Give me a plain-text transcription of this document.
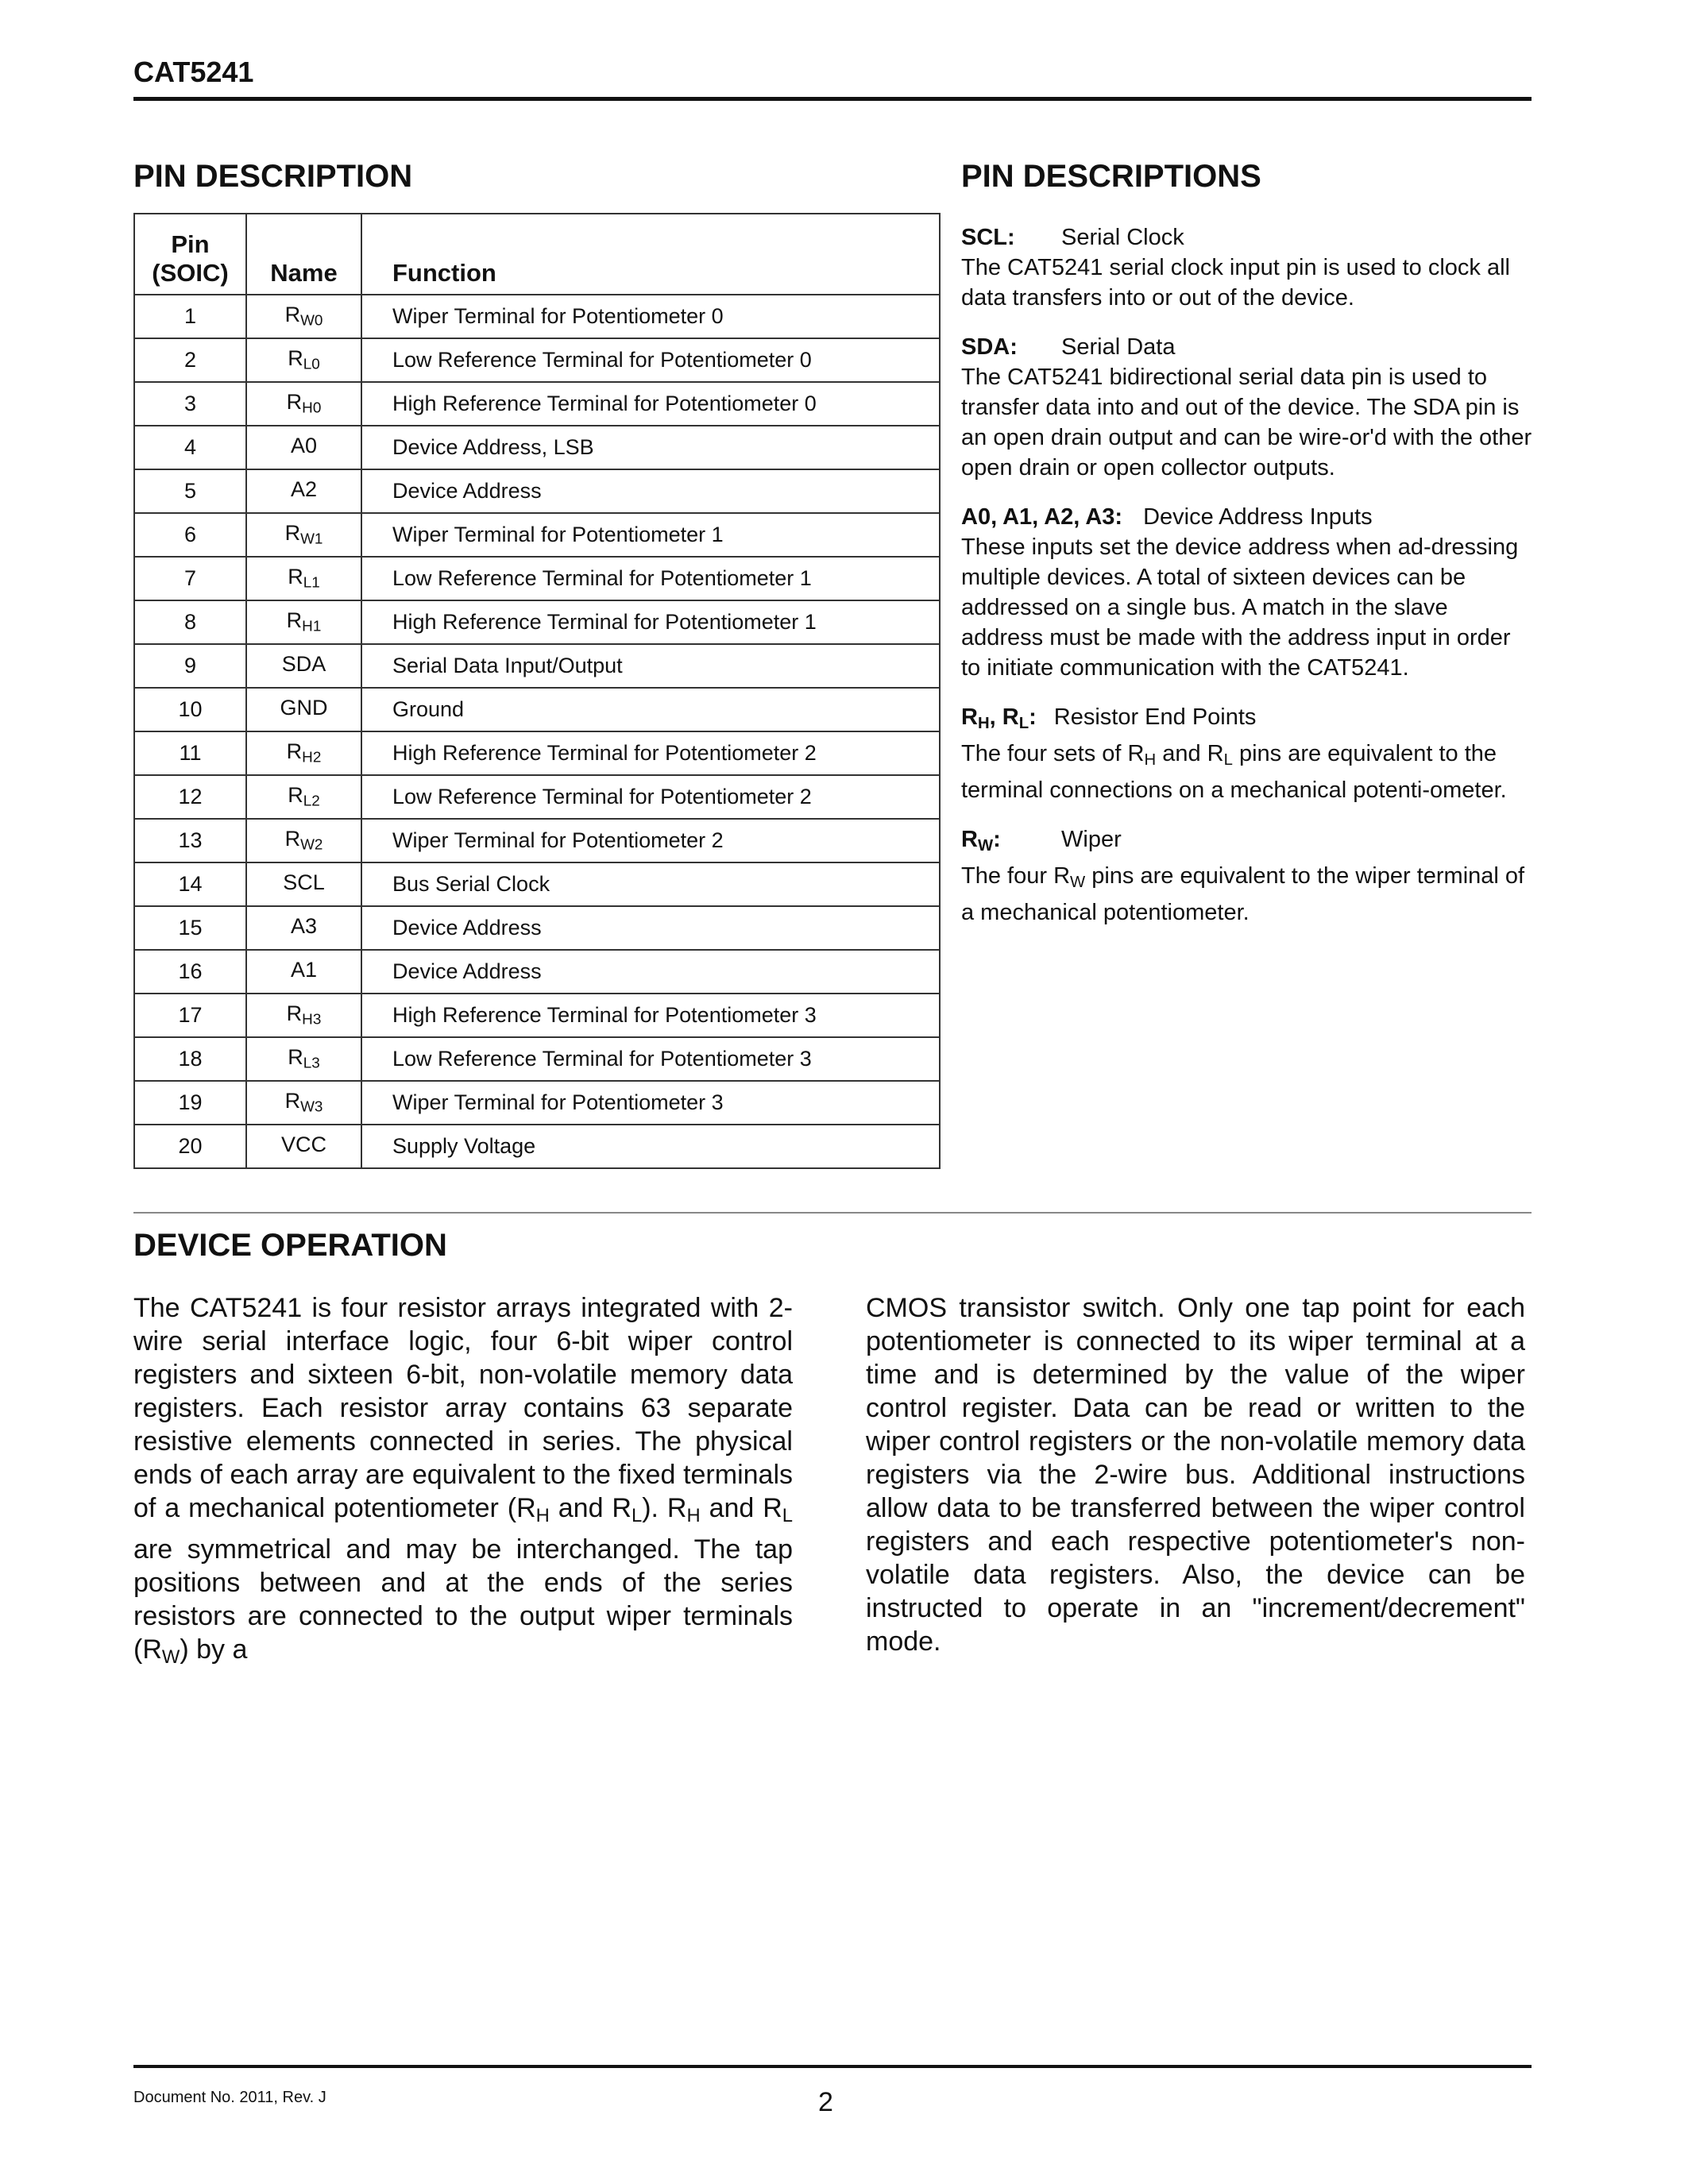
CAT5241
PIN DESCRIPTION	PIN DESCRIPTIONS
Pin
(SOIC)	Name	Function
1	$R_{W0}$	Wiper Terminal for Potentiometer 0
2	$R_{L0}$	Low Reference Terminal for Potentiometer 0
3	$R_{H0}$	High Reference Terminal for Potentiometer 0
4	A0	Device Address, LSB
5	A2	Device Address
6	$R_{W1}$	Wiper Terminal for Potentiometer 1
7	$R_{L1}$	Low Reference Terminal for Potentiometer 1
8	$R_{H1}$	High Reference Terminal for Potentiometer 1
9	SDA	Serial Data Input/Output
10	GND	Ground
11	$R_{H2}$	High Reference Terminal for Potentiometer 2
12	$R_{L2}$	Low Reference Terminal for Potentiometer 2
13	$R_{W2}$	Wiper Terminal for Potentiometer 2
14	SCL	Bus Serial Clock
15	A3	Device Address
16	A1	Device Address
17	$R_{H3}$	High Reference Terminal for Potentiometer 3
18	$R_{L3}$	Low Reference Terminal for Potentiometer 3
19	$R_{W3}$	Wiper Terminal for Potentiometer 3
20	VCC	Supply Voltage
SCL: Serial Clock

The CAT5241 serial clock input pin is used to clock all data transfers into or out of the device.

SDA: Serial Data

The CAT5241 bidirectional serial data pin is used to transfer data into and out of the device. The SDA pin is an open drain output and can be wire-or'd with the other open drain or open collector outputs.

A0, A1, A2, A3: Device Address Inputs

These inputs set the device address when ad-dressing multiple devices. A total of sixteen devices can be addressed on a single bus. A match in the slave address must be made with the address input in order to initiate communication with the CAT5241.

$R_H$, $R_L$: Resistor End Points

The four sets of $R_H$ and $R_L$ pins are equivalent to the terminal connections on a mechanical potenti-ometer.

$R_W$:	Wiper

The four $R_W$ pins are equivalent to the wiper terminal of a mechanical potentiometer.

DEVICE OPERATION

The CAT5241 is four resistor arrays integrated with 2-wire serial interface logic, four 6-bit wiper control registers and sixteen 6-bit, non-volatile memory data registers. Each resistor array contains 63 separate resistive elements connected in series. The physical ends of each array are equivalent to the fixed terminals of a mechanical potentiometer ($R_H$ and $R_L$). $R_H$ and $R_L$ are symmetrical and may be interchanged. The tap positions between and at the ends of the series resistors are connected to the output wiper terminals $(R_W)$ by a

CMOS transistor switch. Only one tap point for each potentiometer is connected to its wiper terminal at a time and is determined by the value of the wiper control register. Data can be read or written to the wiper control registers or the non-volatile memory data registers via the 2-wire bus. Additional instructions allow data to be transferred between the wiper control registers and each respective potentiometer's non-volatile data registers. Also, the device can be instructed to operate in an "increment/decrement" mode.

Document No. 2011, Rev. J	2
